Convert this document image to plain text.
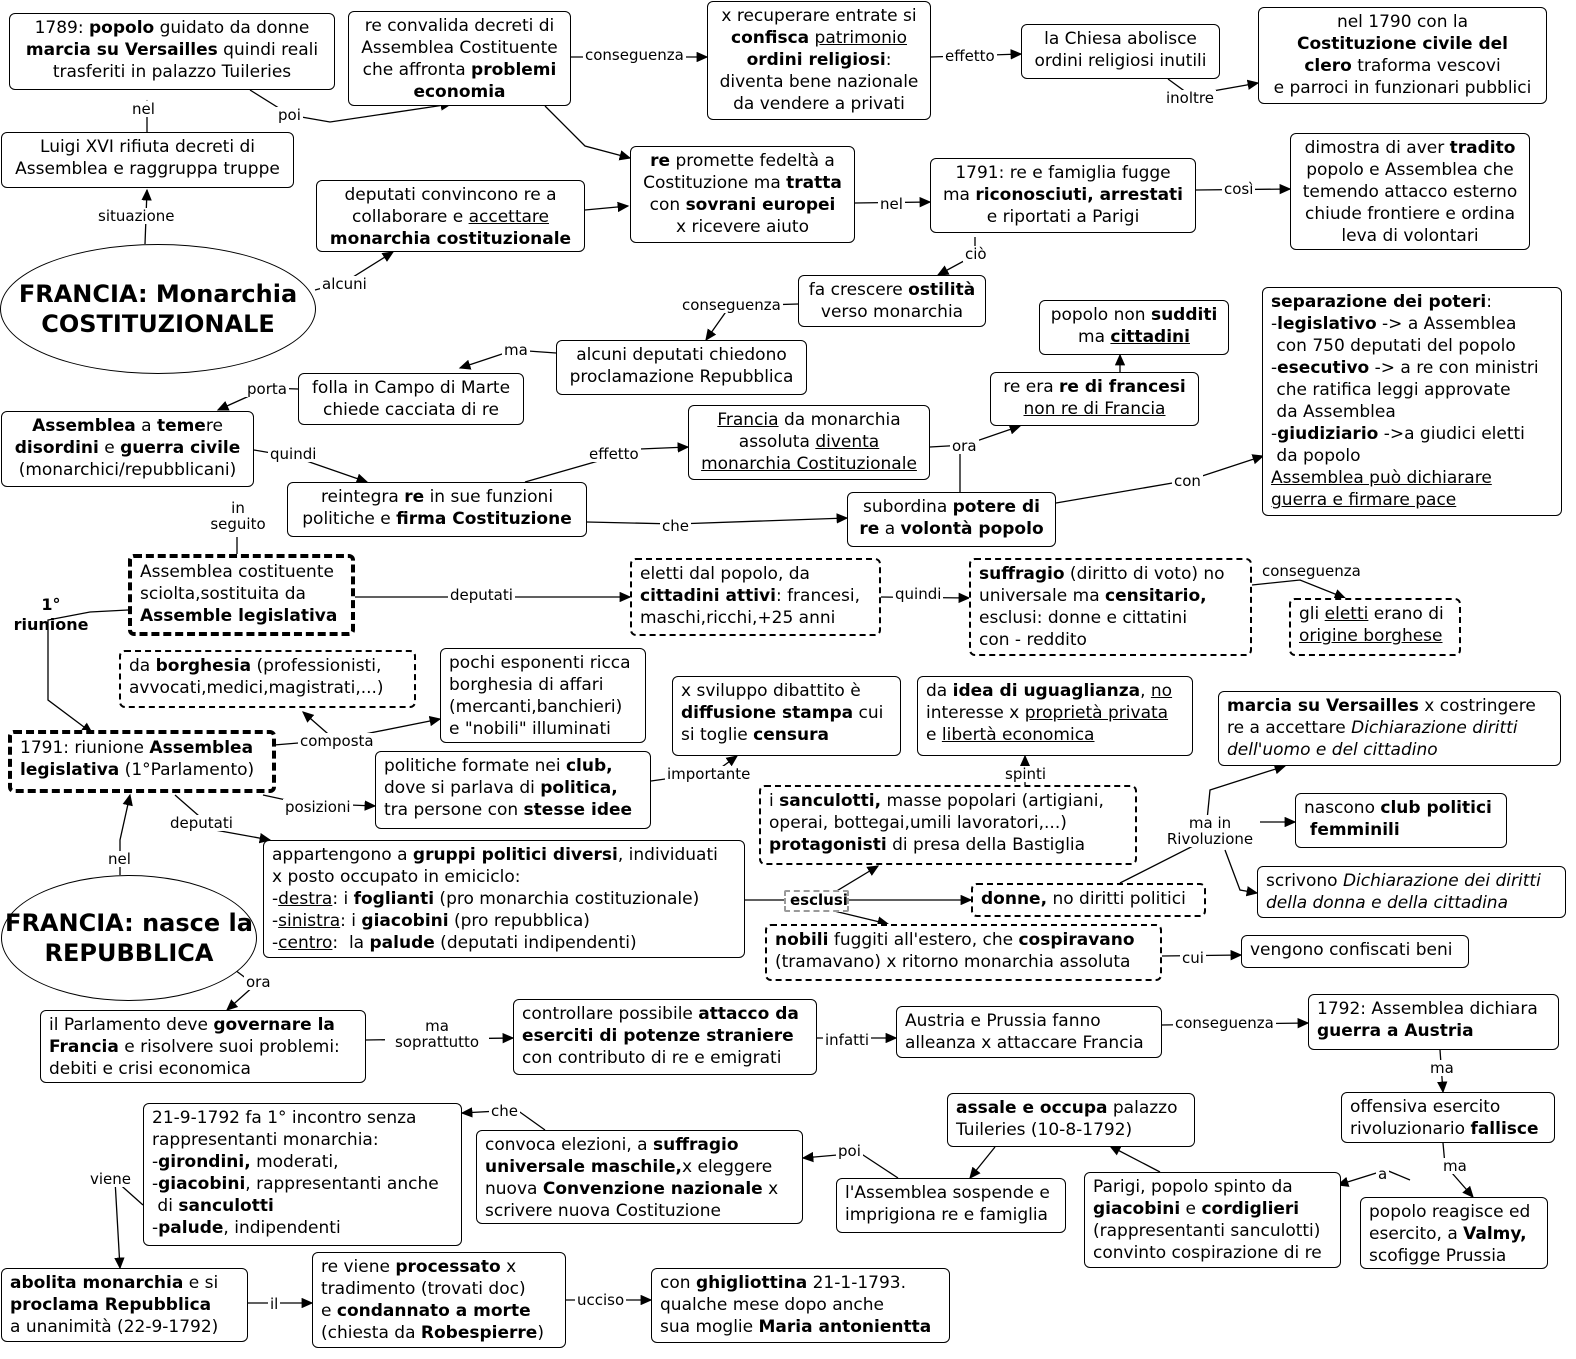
FRANCIA: Monarchia COSTITUZIONALE
FRANCIA: nasce la REPUBBLICA
1789: popolo guidato da donne
marcia su Versailles quindi reali
trasferiti in palazzo Tuileries
Luigi XVI rifiuta decreti di
Assemblea e raggruppa truppe
re convalida decreti di
Assemblea Costituente
che affronta problemi
economia
x recuperare entrate si
confisca patrimonio
ordini religiosi:
diventa bene nazionale
da vendere a privati
la Chiesa abolisce
ordini religiosi inutili
nel 1790 con la
Costituzione civile del
clero traforma vescovi
e parroci in funzionari pubblici
deputati convincono re a
collaborare e accettare
monarchia costituzionale
re promette fedeltà a
Costituzione ma tratta
con sovrani europei
x ricevere aiuto
1791: re e famiglia fugge
ma riconosciuti, arrestati
e riportati a Parigi
dimostra di aver tradito
popolo e Assemblea che
temendo attacco esterno
chiude frontiere e ordina
leva di volontari
fa crescere ostilità
verso monarchia	popolo non sudditi
ma cittadini
separazione dei poteri:
-legislativo -> a Assemblea
con 750 deputati del popolo
-esecutivo -> a re con ministri
che ratifica leggi approvate
da Assemblea
-giudiziario ->a giudici eletti
da popolo
Assemblea può dichiarare
guerra e firmare pace
alcuni deputati chiedono
proclamazione Repubblica
folla in Campo di Marte
chiede cacciata di re
re era re di francesi
non re di Francia
Assemblea a temere
disordini e guerra civile
(monarchici/repubblicani)
Francia da monarchia
assoluta diventa
monarchia Costituzionale
reintegra re in sue funzioni
politiche e firma Costituzione
subordina potere di
re a volontà popolo
Assemblea costituente
sciolta,sostituita da
Assemble legislativa
eletti dal popolo, da
cittadini attivi: francesi,
maschi,ricchi,+25 anni
suffragio (diritto di voto) no
universale ma censitario,
esclusi: donne e cittatini
con - reddito
gli eletti erano di
origine borghese
da borghesia (professionisti,
avvocati,medici,magistrati,...)
pochi esponenti ricca
borghesia di affari
(mercanti,banchieri)
e "nobili" illuminati
x sviluppo dibattito è
diffusione stampa cui
si toglie censura
da idea di uguaglianza, no
interesse x proprietà privata
e libertà economica
marcia su Versailles x costringere
re a accettare Dichiarazione diritti
dell'uomo e del cittadino
1791: riunione Assemblea
legislativa (1°Parlamento)	politiche formate nei club,
dove si parlava di politica,
tra persone con stesse idee	i sanculotti, masse popolari (artigiani,
operai, bottegai,umili lavoratori,...)
protagonisti di presa della Bastiglia
nascono club politici
femminili
appartengono a gruppi politici diversi, individuati
x posto occupato in emiciclo:
-destra: i foglianti (pro monarchia costituzionale)
-sinistra: i giacobini (pro repubblica)
-centro:  la palude (deputati indipendenti)
esclusi	donne, no diritti politici
scrivono Dichiarazione dei diritti
della donna e della cittadina
nobili fuggiti all'estero, che cospiravano
(tramavano) x ritorno monarchia assoluta
vengono confiscati beni
il Parlamento deve governare la
Francia e risolvere suoi problemi:
debiti e crisi economica
controllare possibile attacco da
eserciti di potenze straniere
con contributo di re e emigrati
Austria e Prussia fanno
alleanza x attaccare Francia
1792: Assemblea dichiara
guerra a Austria
21-9-1792 fa 1° incontro senza
rappresentanti monarchia:
-girondini, moderati,
-giacobini, rappresentanti anche
di sanculotti
-palude, indipendenti
convoca elezioni, a suffragio
universale maschile,x eleggere
nuova Convenzione nazionale x
scrivere nuova Costituzione
assale e occupa palazzo
Tuileries (10-8-1792)
l'Assemblea sospende e
imprigiona re e famiglia
offensiva esercito
rivoluzionario fallisce
Parigi, popolo spinto da
giacobini e cordiglieri
(rappresentanti sanculotti)
convinto cospirazione di re
popolo reagisce ed
esercito, a Valmy,
scofigge Prussia
abolita monarchia e si
proclama Repubblica
a unanimità (22-9-1792)
re viene processato x
tradimento (trovati doc)
e condannato a morte
(chiesta da Robespierre)
con ghigliottina 21-1-1793.
qualche mese dopo anche
sua moglie Maria antonientta
nel	poi
situazione
conseguenza	effetto
inoltre
alcuni
nel
così
ciò
conseguenza
ma
porta
quindi	effetto	ora
con
in seguito	che
1° riunione
deputati	quindi
conseguenza
composta
importante	spinti
ma in Rivoluzione
posizioni
deputati
nel
cui
ora
ma soprattutto	infatti
conseguenza
ma
che
poi
a	ma
viene
il	ucciso
